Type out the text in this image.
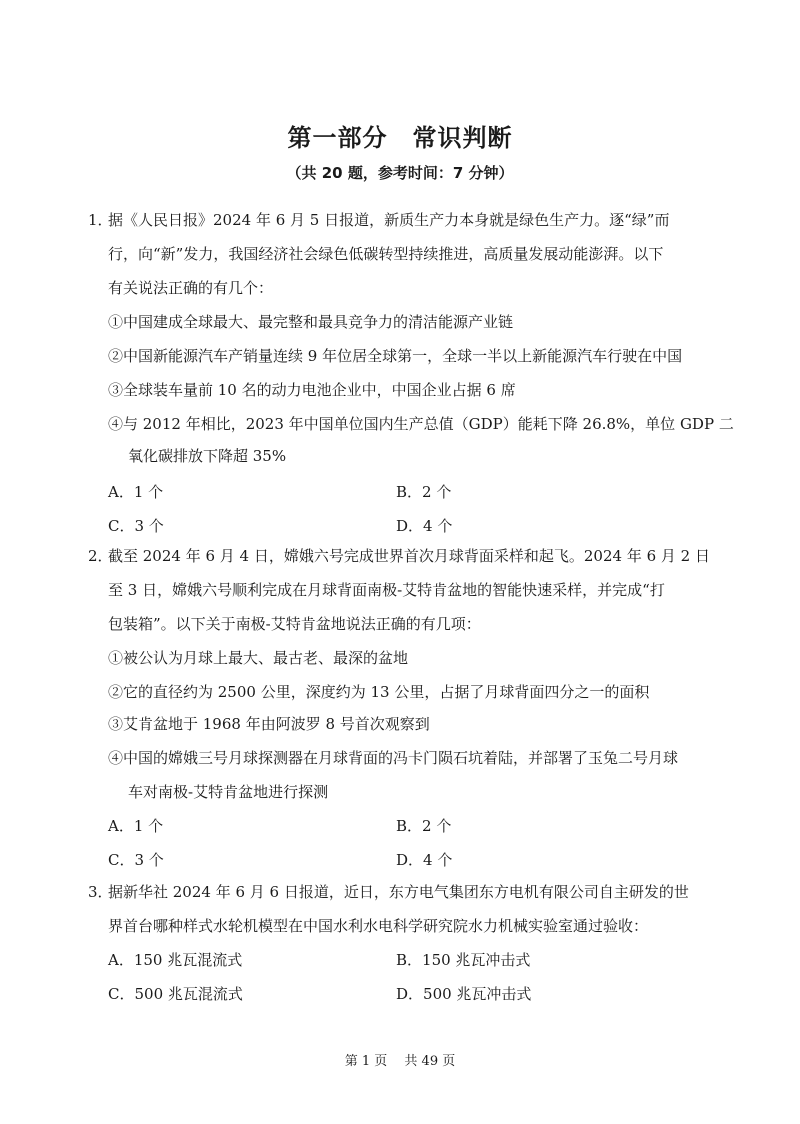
第一部分　常识判断
（共 20 题，参考时间：7 分钟）
1．
据《人民日报》2024 年 6 月 5 日报道，新质生产力本身就是绿色生产力。逐“绿”而
行，向“新”发力，我国经济社会绿色低碳转型持续推进，高质量发展动能澎湃。以下
有关说法正确的有几个：
①中国建成全球最大、最完整和最具竞争力的清洁能源产业链
②中国新能源汽车产销量连续 9 年位居全球第一，全球一半以上新能源汽车行驶在中国
③全球装车量前 10 名的动力电池企业中，中国企业占据 6 席
④与 2012 年相比，2023 年中国单位国内生产总值（GDP）能耗下降 26.8%，单位 GDP 二
氧化碳排放下降超 35%
A．1 个	B．2 个
C．3 个	D．4 个
2．
截至 2024 年 6 月 4 日，嫦娥六号完成世界首次月球背面采样和起飞。2024 年 6 月 2 日
至 3 日，嫦娥六号顺利完成在月球背面南极-艾特肯盆地的智能快速采样，并完成“打
包装箱”。以下关于南极-艾特肯盆地说法正确的有几项：
①被公认为月球上最大、最古老、最深的盆地
②它的直径约为 2500 公里，深度约为 13 公里，占据了月球背面四分之一的面积
③艾肯盆地于 1968 年由阿波罗 8 号首次观察到
④中国的嫦娥三号月球探测器在月球背面的冯卡门陨石坑着陆，并部署了玉兔二号月球
车对南极-艾特肯盆地进行探测
A．1 个	B．2 个
C．3 个	D．4 个
3．
据新华社 2024 年 6 月 6 日报道，近日，东方电气集团东方电机有限公司自主研发的世
界首台哪种样式水轮机模型在中国水利水电科学研究院水力机械实验室通过验收：
A．150 兆瓦混流式	B．150 兆瓦冲击式
C．500 兆瓦混流式	D．500 兆瓦冲击式
第 1 页　 共 49 页
